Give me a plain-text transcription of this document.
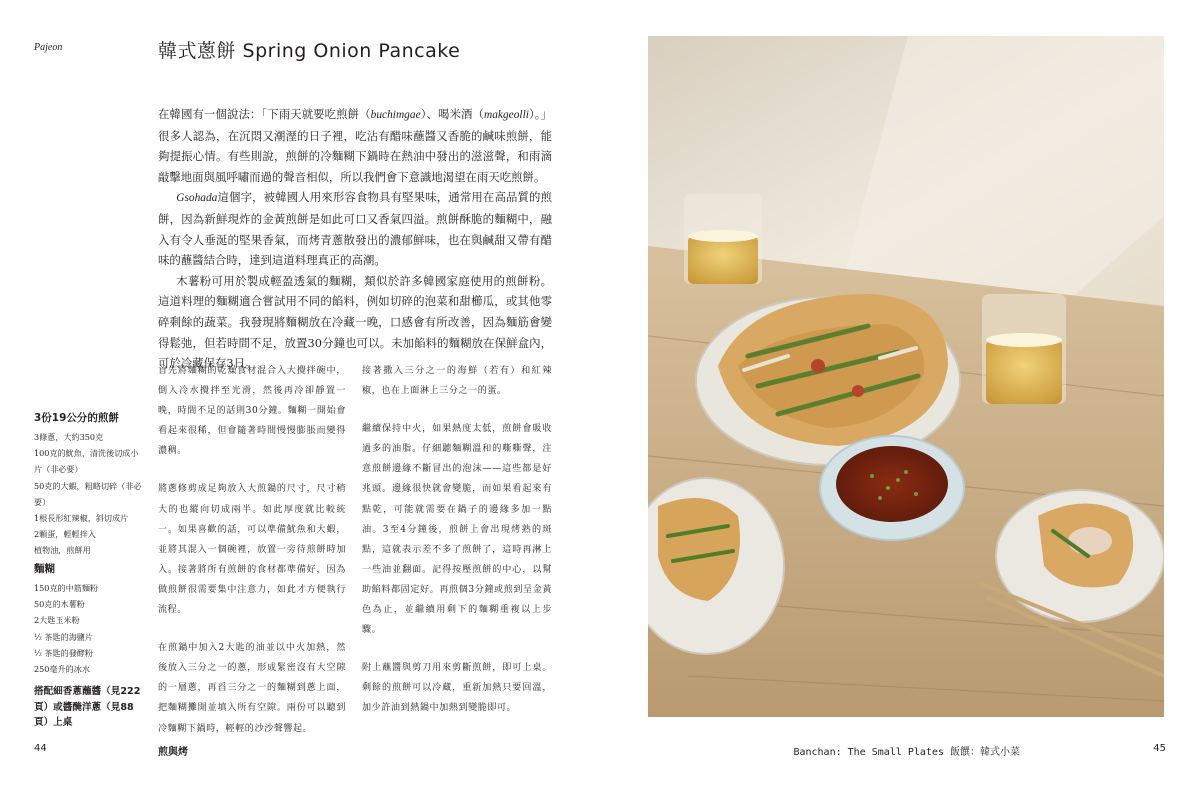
Pajeon	韓式蔥餅 Spring Onion Pancake

在韓國有一個說法：「下雨天就要吃煎餅（buchimgae）、喝米酒（makgeolli）。」很多人認為，在沉悶又潮溼的日子裡，吃沾有醋味蘸醬又香脆的鹹味煎餅，能夠提振心情。有些則說，煎餅的冷麵糊下鍋時在熱油中發出的滋滋聲，和雨滴敲擊地面與風呼嘯而過的聲音相似，所以我們會下意識地渴望在雨天吃煎餅。

Gsohada這個字，被韓國人用來形容食物具有堅果味，通常用在高品質的煎餅，因為新鮮現炸的金黃煎餅是如此可口又香氣四溢。煎餅酥脆的麵糊中，融入有令人垂涎的堅果香氣，而烤青蔥散發出的濃郁鮮味，也在與鹹甜又帶有醋味的蘸醬結合時，達到這道料理真正的高潮。

木薯粉可用於製成輕盈透氣的麵糊，類似於許多韓國家庭使用的煎餅粉。這道料理的麵糊適合嘗試用不同的餡料，例如切碎的泡菜和甜櫛瓜，或其他零碎剩餘的蔬菜。我發現將麵糊放在冷藏一晚，口感會有所改善，因為麵筋會變得鬆弛，但若時間不足，放置30分鐘也可以。未加餡料的麵糊放在保鮮盒內，可於冷藏保存3日。

3份19公分的煎餅
3條蔥，大約350克
100克的魷魚，清洗後切成小片（非必要）
50克的大蝦，粗略切碎（非必要）
1根長形紅辣椒，斜切成片
2顆蛋，輕輕拌入
植物油，煎餅用
麵糊
150克的中筋麵粉
50克的木薯粉
2大匙玉米粉
½ 茶匙的海鹽片
½ 茶匙的發酵粉
250毫升的冰水
搭配細香蔥蘸醬（見222頁）或醬醃洋蔥（見88頁）上桌

首先將麵糊的乾燥食材混合入大攪拌碗中，倒入冷水攪拌至光滑，然後再冷卻靜置一晚，時間不足的話則30分鐘。麵糊一開始會看起來很稀，但會隨著時間慢慢膨脹而變得濃稠。

將蔥修剪成足夠放入大煎鍋的尺寸，尺寸稍大的也縱向切成兩半。如此厚度就比較統一。如果喜歡的話，可以準備魷魚和大蝦，並將其混入一個碗裡，放置一旁待煎餅時加入。接著將所有煎餅的食材都準備好，因為做煎餅很需要集中注意力，如此才方便執行流程。

在煎鍋中加入2大匙的油並以中火加熱，然後放入三分之一的蔥，形成緊密沒有大空隙的一層蔥，再舀三分之一的麵糊到蔥上面，把麵糊攤開並填入所有空隙。兩份可以聽到冷麵糊下鍋時，輕輕的沙沙聲響起。

接著撒入三分之一的海鮮（若有）和紅辣椒，也在上面淋上三分之一的蛋。

繼續保持中火，如果熱度太低，煎餅會吸收過多的油脂。仔細聽麵糊溫和的嘶嘶聲，注意煎餅邊緣不斷冒出的泡沫——這些都是好兆頭。邊緣很快就會變脆，而如果看起來有點乾，可能就需要在鍋子的邊緣多加一點油。3至4分鐘後，煎餅上會出現烤熟的斑點，這就表示差不多了煎餅了，這時再淋上一些油並翻面。記得按壓煎餅的中心，以幫助餡料都固定好。再煎個3分鐘或煎到呈金黃色為止，並繼續用剩下的麵糊重複以上步驟。

附上蘸醬與剪刀用來剪斷煎餅，即可上桌。剩餘的煎餅可以冷藏，重新加熱只要回溫，加少許油到熱鍋中加熱到變脆即可。

44	煎與烤	Banchan: The Small Plates 飯饌：韓式小菜	45
